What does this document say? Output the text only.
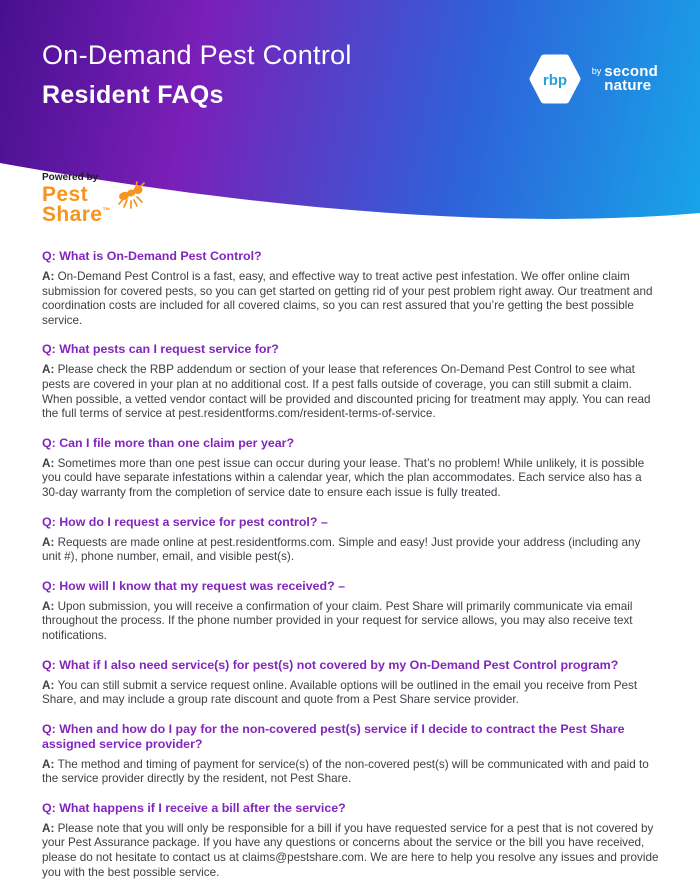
On-Demand Pest Control
Resident FAQs
rbp
by second
nature
Powered by
Pest
Share™
Q: What is On-Demand Pest Control?

A: On-Demand Pest Control is a fast, easy, and effective way to treat active pest infestation. We offer online claim submission for covered pests, so you can get started on getting rid of your pest problem right away. Our treatment and coordination costs are included for all covered claims, so you can rest assured that you’re getting the best possible service.

Q: What pests can I request service for?

A: Please check the RBP addendum or section of your lease that references On-Demand Pest Control to see what pests are covered in your plan at no additional cost. If a pest falls outside of coverage, you can still submit a claim. When possible, a vetted vendor contact will be provided and discounted pricing for treatment may apply. You can read the full terms of service at pest.residentforms.com/resident-terms-of-service.

Q: Can I file more than one claim per year?

A: Sometimes more than one pest issue can occur during your lease. That’s no problem! While unlikely, it is possible you could have separate infestations within a calendar year, which the plan accommodates. Each service also has a 30-day warranty from the completion of service date to ensure each issue is fully treated.

Q: How do I request a service for pest control? –

A: Requests are made online at pest.residentforms.com. Simple and easy! Just provide your address (including any unit #), phone number, email, and visible pest(s).

Q: How will I know that my request was received? –

A: Upon submission, you will receive a confirmation of your claim. Pest Share will primarily communicate via email throughout the process. If the phone number provided in your request for service allows, you may also receive text notifications.

Q: What if I also need service(s) for pest(s) not covered by my On-Demand Pest Control program?

A: You can still submit a service request online. Available options will be outlined in the email you receive from Pest Share, and may include a group rate discount and quote from a Pest Share service provider.

Q: When and how do I pay for the non-covered pest(s) service if I decide to contract the Pest Share assigned service provider?

A: The method and timing of payment for service(s) of the non-covered pest(s) will be communicated with and paid to the service provider directly by the resident, not Pest Share.

Q: What happens if I receive a bill after the service?

A: Please note that you will only be responsible for a bill if you have requested service for a pest that is not covered by your Pest Assurance package. If you have any questions or concerns about the service or the bill you have received, please do not hesitate to contact us at claims@pestshare.com. We are here to help you resolve any issues and provide you with the best possible service.
